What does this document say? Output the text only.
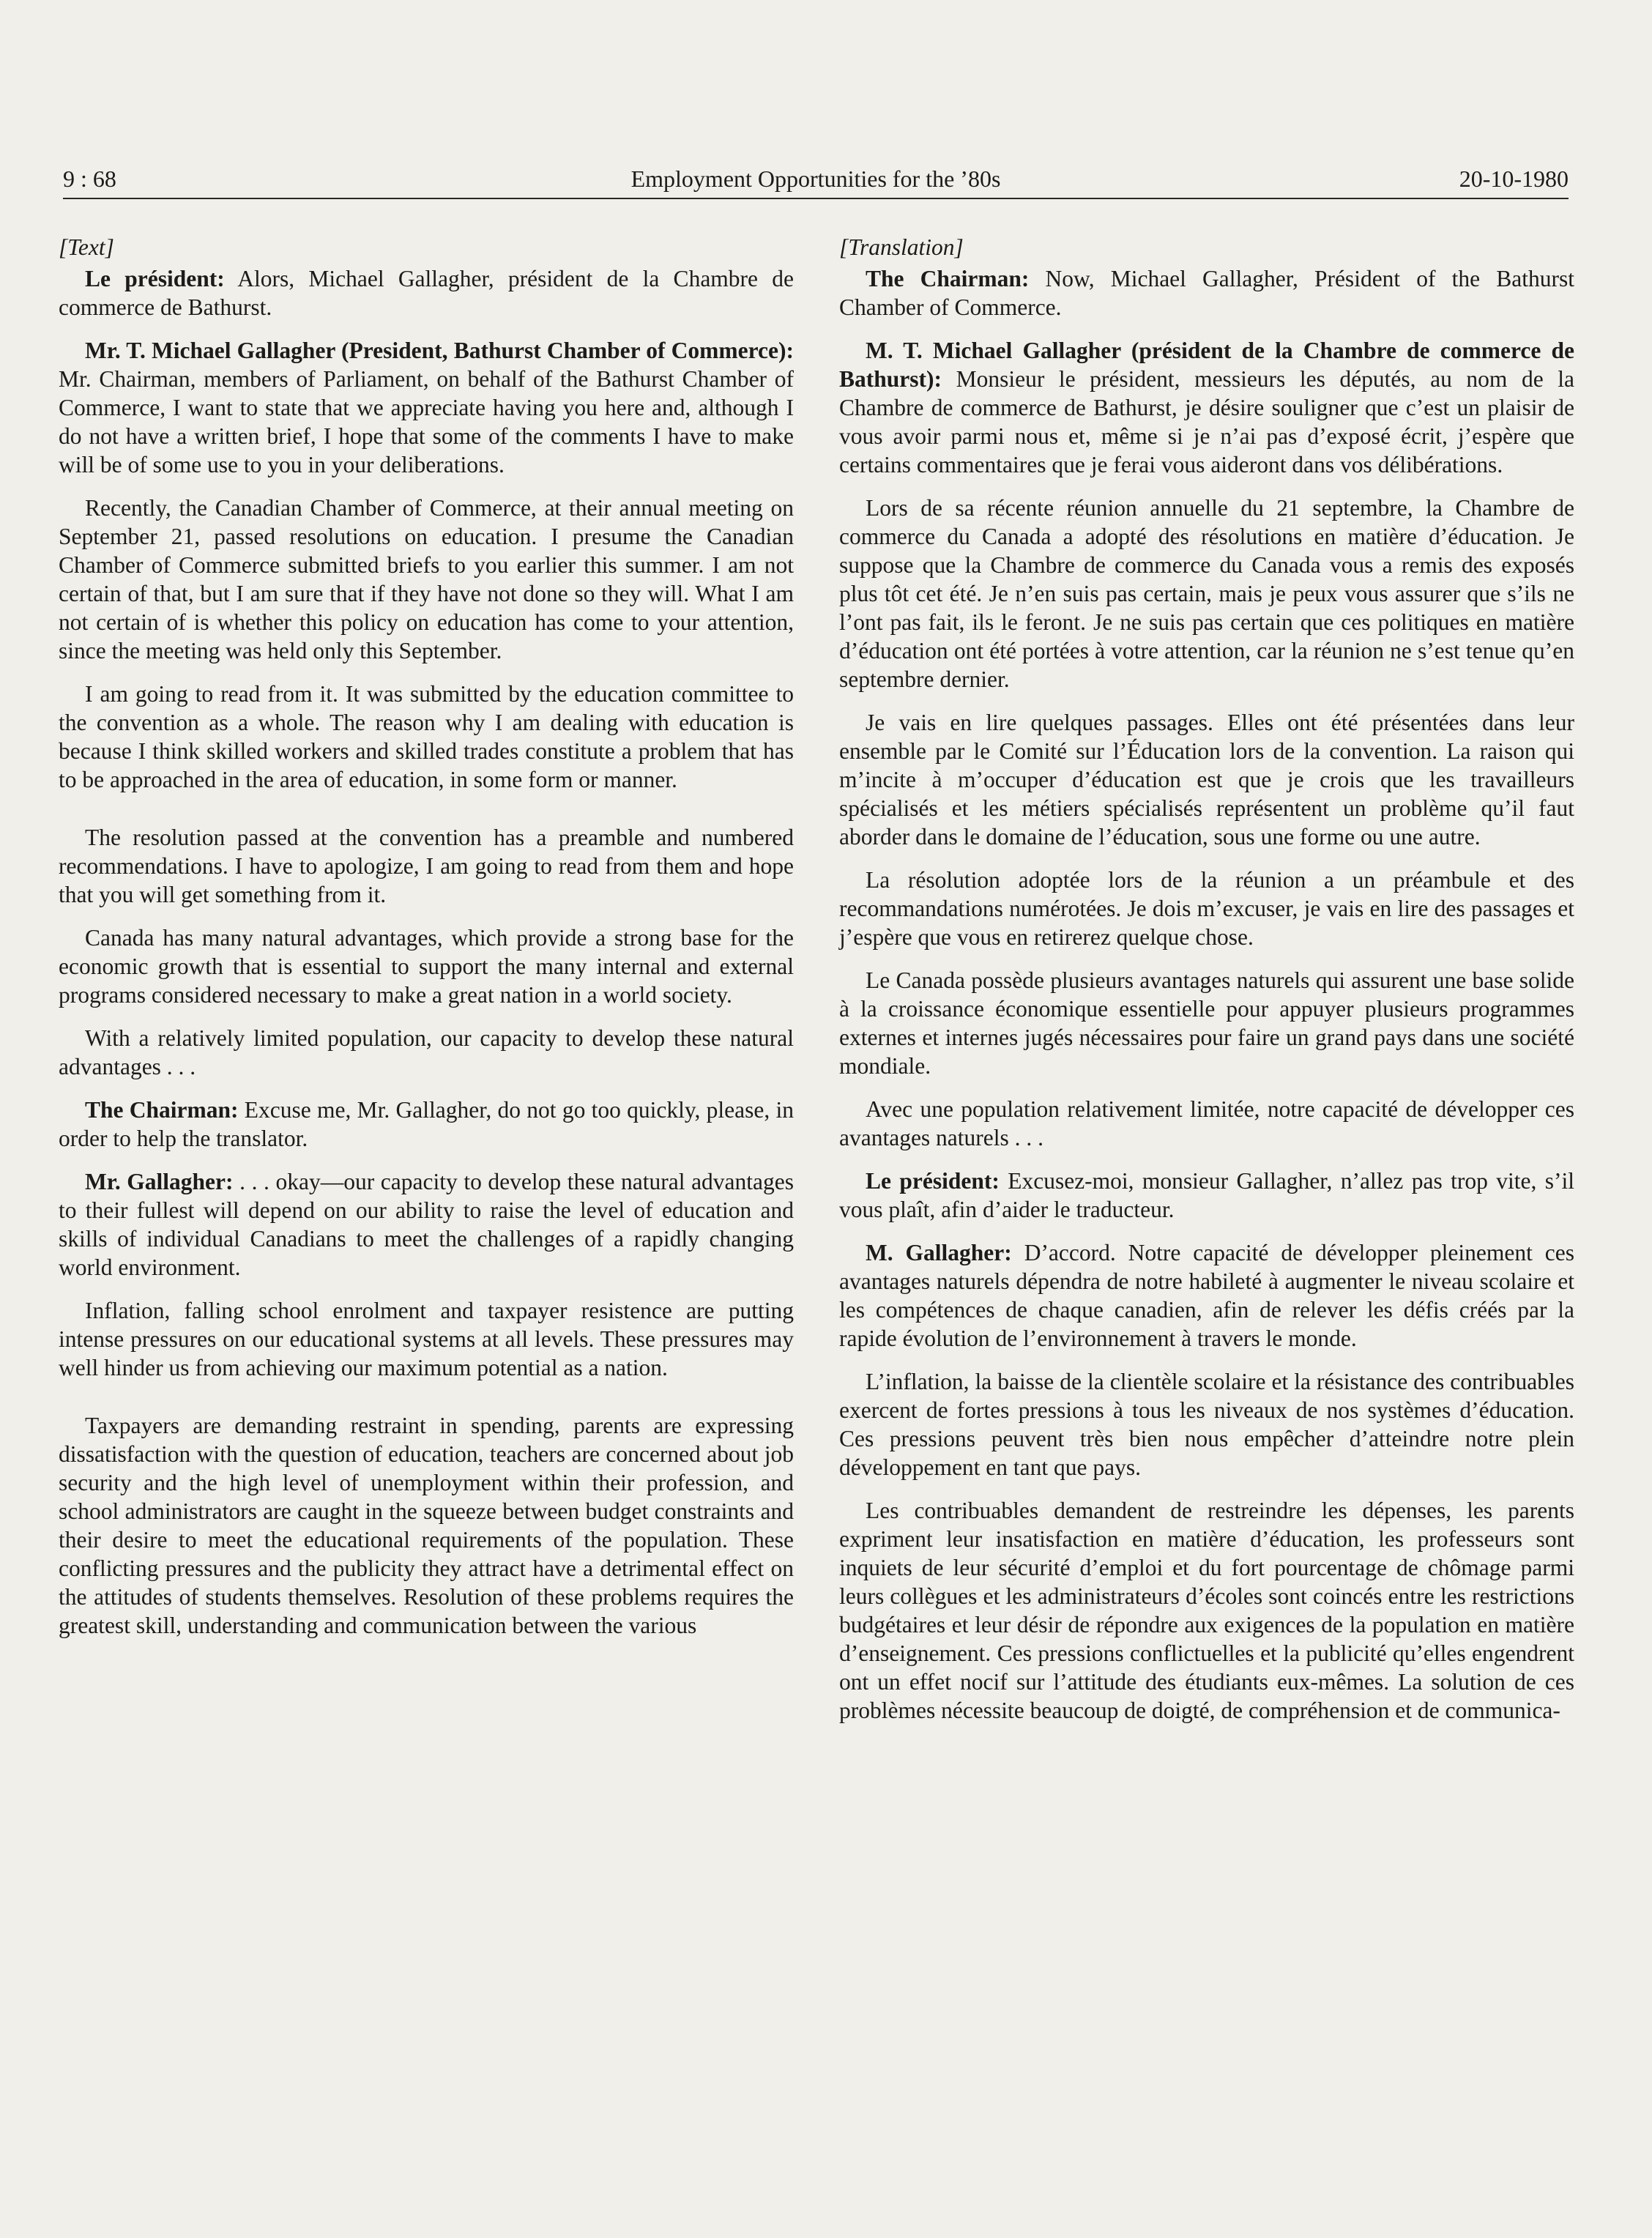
9 : 68	Employment Opportunities for the ’80s	20-10-1980

[Text]

Le président: Alors, Michael Gallagher, président de la Chambre de commerce de Bathurst.

Mr. T. Michael Gallagher (President, Bathurst Chamber of Commerce): Mr. Chairman, members of Parliament, on behalf of the Bathurst Chamber of Commerce, I want to state that we appreciate having you here and, although I do not have a written brief, I hope that some of the comments I have to make will be of some use to you in your deliberations.

Recently, the Canadian Chamber of Commerce, at their annual meeting on September 21, passed resolutions on education. I presume the Canadian Chamber of Commerce submitted briefs to you earlier this summer. I am not certain of that, but I am sure that if they have not done so they will. What I am not certain of is whether this policy on education has come to your attention, since the meeting was held only this September.

I am going to read from it. It was submitted by the education committee to the convention as a whole. The reason why I am dealing with education is because I think skilled workers and skilled trades constitute a problem that has to be approached in the area of education, in some form or manner.

The resolution passed at the convention has a preamble and numbered recommendations. I have to apologize, I am going to read from them and hope that you will get something from it.

Canada has many natural advantages, which provide a strong base for the economic growth that is essential to support the many internal and external programs considered necessary to make a great nation in a world society.

With a relatively limited population, our capacity to develop these natural advantages . . .

The Chairman: Excuse me, Mr. Gallagher, do not go too quickly, please, in order to help the translator.

Mr. Gallagher: . . . okay—our capacity to develop these natural advantages to their fullest will depend on our ability to raise the level of education and skills of individual Canadians to meet the challenges of a rapidly changing world environment.

Inflation, falling school enrolment and taxpayer resistence are putting intense pressures on our educational systems at all levels. These pressures may well hinder us from achieving our maximum potential as a nation.

Taxpayers are demanding restraint in spending, parents are expressing dissatisfaction with the question of education, teachers are concerned about job security and the high level of unemployment within their profession, and school administrators are caught in the squeeze between budget constraints and their desire to meet the educational requirements of the population. These conflicting pressures and the publicity they attract have a detrimental effect on the attitudes of students themselves. Resolution of these problems requires the greatest skill, understanding and communication between the various

[Translation]

The Chairman: Now, Michael Gallagher, Président of the Bathurst Chamber of Commerce.

M. T. Michael Gallagher (président de la Chambre de commerce de Bathurst): Monsieur le président, messieurs les députés, au nom de la Chambre de commerce de Bathurst, je désire souligner que c’est un plaisir de vous avoir parmi nous et, même si je n’ai pas d’exposé écrit, j’espère que certains commentaires que je ferai vous aideront dans vos délibérations.

Lors de sa récente réunion annuelle du 21 septembre, la Chambre de commerce du Canada a adopté des résolutions en matière d’éducation. Je suppose que la Chambre de commerce du Canada vous a remis des exposés plus tôt cet été. Je n’en suis pas certain, mais je peux vous assurer que s’ils ne l’ont pas fait, ils le feront. Je ne suis pas certain que ces politiques en matière d’éducation ont été portées à votre attention, car la réunion ne s’est tenue qu’en septembre dernier.

Je vais en lire quelques passages. Elles ont été présentées dans leur ensemble par le Comité sur l’Éducation lors de la convention. La raison qui m’incite à m’occuper d’éducation est que je crois que les travailleurs spécialisés et les métiers spécialisés représentent un problème qu’il faut aborder dans le domaine de l’éducation, sous une forme ou une autre.

La résolution adoptée lors de la réunion a un préambule et des recommandations numérotées. Je dois m’excuser, je vais en lire des passages et j’espère que vous en retirerez quelque chose.

Le Canada possède plusieurs avantages naturels qui assurent une base solide à la croissance économique essentielle pour appuyer plusieurs programmes externes et internes jugés nécessaires pour faire un grand pays dans une société mondiale.

Avec une population relativement limitée, notre capacité de développer ces avantages naturels . . .

Le président: Excusez-moi, monsieur Gallagher, n’allez pas trop vite, s’il vous plaît, afin d’aider le traducteur.

M. Gallagher: D’accord. Notre capacité de développer pleinement ces avantages naturels dépendra de notre habileté à augmenter le niveau scolaire et les compétences de chaque canadien, afin de relever les défis créés par la rapide évolution de l’environnement à travers le monde.

L’inflation, la baisse de la clientèle scolaire et la résistance des contribuables exercent de fortes pressions à tous les niveaux de nos systèmes d’éducation. Ces pressions peuvent très bien nous empêcher d’atteindre notre plein développement en tant que pays.

Les contribuables demandent de restreindre les dépenses, les parents expriment leur insatisfaction en matière d’éducation, les professeurs sont inquiets de leur sécurité d’emploi et du fort pourcentage de chômage parmi leurs collègues et les administrateurs d’écoles sont coincés entre les restrictions budgétaires et leur désir de répondre aux exigences de la population en matière d’enseignement. Ces pressions conflictuelles et la publicité qu’elles engendrent ont un effet nocif sur l’attitude des étudiants eux-mêmes. La solution de ces problèmes nécessite beaucoup de doigté, de compréhension et de communica-
